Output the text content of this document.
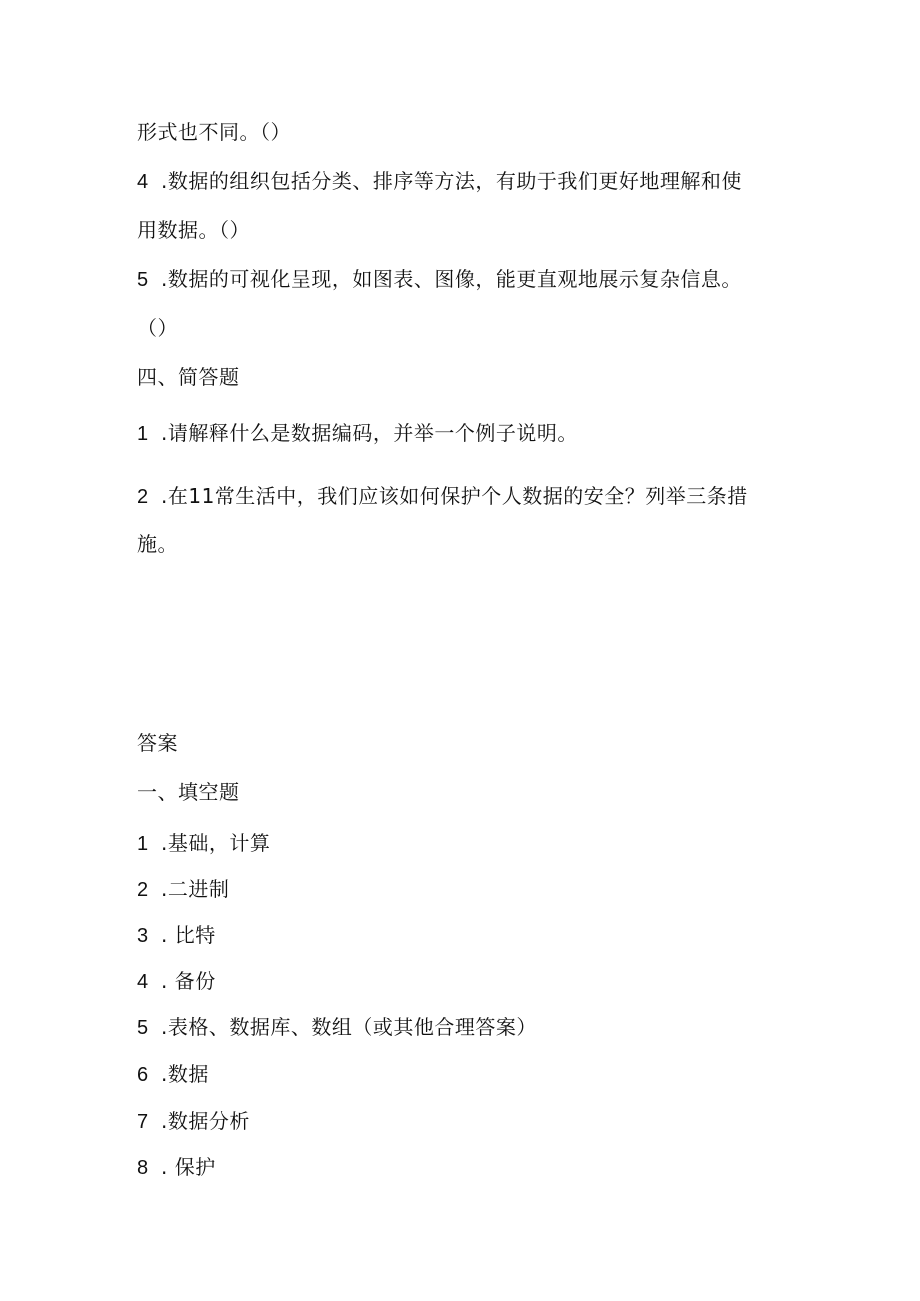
形式也不同。（）
4 .数据的组织包括分类、排序等方法，有助于我们更好地理解和使
用数据。（）
5 .数据的可视化呈现，如图表、图像，能更直观地展示复杂信息。
（）
四、简答题
1 .请解释什么是数据编码，并举一个例子说明。
2 .在11常生活中，我们应该如何保护个人数据的安全？列举三条措
施。
答案
一、填空题
1 .基础，计算
2 .二进制
3 . 比特
4 . 备份
5 .表格、数据库、数组（或其他合理答案）
6 .数据
7 .数据分析
8 . 保护
